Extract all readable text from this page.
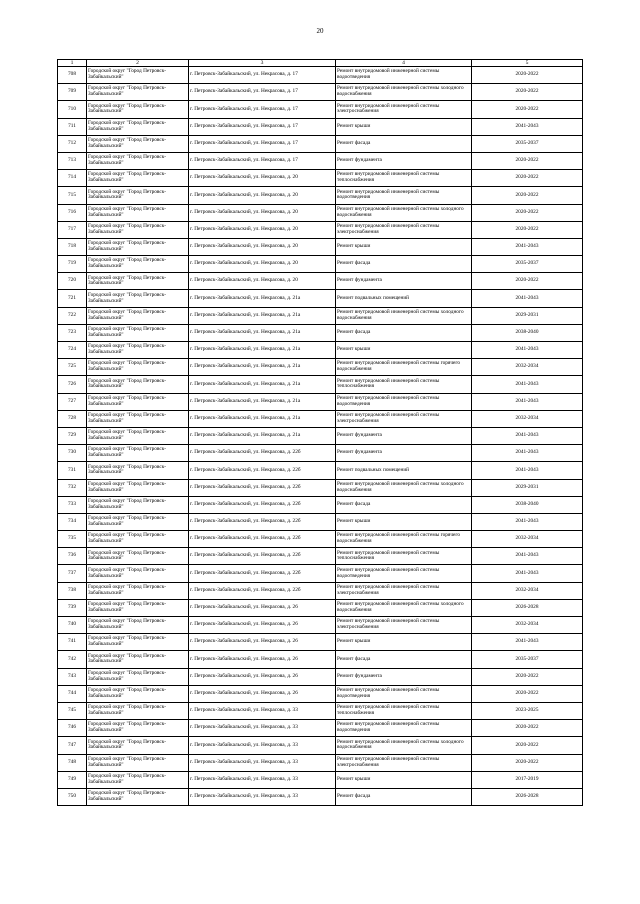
20
1	2	3	4	5
708	Городской округ "Город Петровск-Забайкальский"	г. Петровск-Забайкальский, ул. Некрасова, д. 17	Ремонт внутридомовой инженерной системы водоотведения	2020-2022
709	Городской округ "Город Петровск-Забайкальский"	г. Петровск-Забайкальский, ул. Некрасова, д. 17	Ремонт внутридомовой инженерной системы холодного водоснабжения	2020-2022
710	Городской округ "Город Петровск-Забайкальский"	г. Петровск-Забайкальский, ул. Некрасова, д. 17	Ремонт внутридомовой инженерной системы электроснабжения	2020-2022
711	Городской округ "Город Петровск-Забайкальский"	г. Петровск-Забайкальский, ул. Некрасова, д. 17	Ремонт крыши	2041-2043
712	Городской округ "Город Петровск-Забайкальский"	г. Петровск-Забайкальский, ул. Некрасова, д. 17	Ремонт фасада	2035-2037
713	Городской округ "Город Петровск-Забайкальский"	г. Петровск-Забайкальский, ул. Некрасова, д. 17	Ремонт фундамента	2020-2022
714	Городской округ "Город Петровск-Забайкальский"	г. Петровск-Забайкальский, ул. Некрасова, д. 20	Ремонт внутридомовой инженерной системы теплоснабжения	2020-2022
715	Городской округ "Город Петровск-Забайкальский"	г. Петровск-Забайкальский, ул. Некрасова, д. 20	Ремонт внутридомовой инженерной системы водоотведения	2020-2022
716	Городской округ "Город Петровск-Забайкальский"	г. Петровск-Забайкальский, ул. Некрасова, д. 20	Ремонт внутридомовой инженерной системы холодного водоснабжения	2020-2022
717	Городской округ "Город Петровск-Забайкальский"	г. Петровск-Забайкальский, ул. Некрасова, д. 20	Ремонт внутридомовой инженерной системы электроснабжения	2020-2022
718	Городской округ "Город Петровск-Забайкальский"	г. Петровск-Забайкальский, ул. Некрасова, д. 20	Ремонт крыши	2041-2043
719	Городской округ "Город Петровск-Забайкальский"	г. Петровск-Забайкальский, ул. Некрасова, д. 20	Ремонт фасада	2035-2037
720	Городской округ "Город Петровск-Забайкальский"	г. Петровск-Забайкальский, ул. Некрасова, д. 20	Ремонт фундамента	2020-2022
721	Городской округ "Город Петровск-Забайкальский"	г. Петровск-Забайкальский, ул. Некрасова, д. 21а	Ремонт подвальных помещений	2041-2043
722	Городской округ "Город Петровск-Забайкальский"	г. Петровск-Забайкальский, ул. Некрасова, д. 21а	Ремонт внутридомовой инженерной системы холодного водоснабжения	2029-2031
723	Городской округ "Город Петровск-Забайкальский"	г. Петровск-Забайкальский, ул. Некрасова, д. 21а	Ремонт фасада	2038-2040
724	Городской округ "Город Петровск-Забайкальский"	г. Петровск-Забайкальский, ул. Некрасова, д. 21а	Ремонт крыши	2041-2043
725	Городской округ "Город Петровск-Забайкальский"	г. Петровск-Забайкальский, ул. Некрасова, д. 21а	Ремонт внутридомовой инженерной системы горячего водоснабжения	2032-2034
726	Городской округ "Город Петровск-Забайкальский"	г. Петровск-Забайкальский, ул. Некрасова, д. 21а	Ремонт внутридомовой инженерной системы теплоснабжения	2041-2043
727	Городской округ "Город Петровск-Забайкальский"	г. Петровск-Забайкальский, ул. Некрасова, д. 21а	Ремонт внутридомовой инженерной системы водоотведения	2041-2043
728	Городской округ "Город Петровск-Забайкальский"	г. Петровск-Забайкальский, ул. Некрасова, д. 21а	Ремонт внутридомовой инженерной системы электроснабжения	2032-2034
729	Городской округ "Город Петровск-Забайкальский"	г. Петровск-Забайкальский, ул. Некрасова, д. 21а	Ремонт фундамента	2041-2043
730	Городской округ "Город Петровск-Забайкальский"	г. Петровск-Забайкальский, ул. Некрасова, д. 22б	Ремонт фундамента	2041-2043
731	Городской округ "Город Петровск-Забайкальский"	г. Петровск-Забайкальский, ул. Некрасова, д. 22б	Ремонт подвальных помещений	2041-2043
732	Городской округ "Город Петровск-Забайкальский"	г. Петровск-Забайкальский, ул. Некрасова, д. 22б	Ремонт внутридомовой инженерной системы холодного водоснабжения	2029-2031
733	Городской округ "Город Петровск-Забайкальский"	г. Петровск-Забайкальский, ул. Некрасова, д. 22б	Ремонт фасада	2038-2040
734	Городской округ "Город Петровск-Забайкальский"	г. Петровск-Забайкальский, ул. Некрасова, д. 22б	Ремонт крыши	2041-2043
735	Городской округ "Город Петровск-Забайкальский"	г. Петровск-Забайкальский, ул. Некрасова, д. 22б	Ремонт внутридомовой инженерной системы горячего водоснабжения	2032-2034
736	Городской округ "Город Петровск-Забайкальский"	г. Петровск-Забайкальский, ул. Некрасова, д. 22б	Ремонт внутридомовой инженерной системы теплоснабжения	2041-2043
737	Городской округ "Город Петровск-Забайкальский"	г. Петровск-Забайкальский, ул. Некрасова, д. 22б	Ремонт внутридомовой инженерной системы водоотведения	2041-2043
738	Городской округ "Город Петровск-Забайкальский"	г. Петровск-Забайкальский, ул. Некрасова, д. 22б	Ремонт внутридомовой инженерной системы электроснабжения	2032-2034
739	Городской округ "Город Петровск-Забайкальский"	г. Петровск-Забайкальский, ул. Некрасова, д. 26	Ремонт внутридомовой инженерной системы холодного водоснабжения	2026-2028
740	Городской округ "Город Петровск-Забайкальский"	г. Петровск-Забайкальский, ул. Некрасова, д. 26	Ремонт внутридомовой инженерной системы электроснабжения	2032-2034
741	Городской округ "Город Петровск-Забайкальский"	г. Петровск-Забайкальский, ул. Некрасова, д. 26	Ремонт крыши	2041-2043
742	Городской округ "Город Петровск-Забайкальский"	г. Петровск-Забайкальский, ул. Некрасова, д. 26	Ремонт фасада	2035-2037
743	Городской округ "Город Петровск-Забайкальский"	г. Петровск-Забайкальский, ул. Некрасова, д. 26	Ремонт фундамента	2020-2022
744	Городской округ "Город Петровск-Забайкальский"	г. Петровск-Забайкальский, ул. Некрасова, д. 26	Ремонт внутридомовой инженерной системы водоотведения	2020-2022
745	Городской округ "Город Петровск-Забайкальский"	г. Петровск-Забайкальский, ул. Некрасова, д. 33	Ремонт внутридомовой инженерной системы теплоснабжения	2023-2025
746	Городской округ "Город Петровск-Забайкальский"	г. Петровск-Забайкальский, ул. Некрасова, д. 33	Ремонт внутридомовой инженерной системы водоотведения	2020-2022
747	Городской округ "Город Петровск-Забайкальский"	г. Петровск-Забайкальский, ул. Некрасова, д. 33	Ремонт внутридомовой инженерной системы холодного водоснабжения	2020-2022
748	Городской округ "Город Петровск-Забайкальский"	г. Петровск-Забайкальский, ул. Некрасова, д. 33	Ремонт внутридомовой инженерной системы электроснабжения	2020-2022
749	Городской округ "Город Петровск-Забайкальский"	г. Петровск-Забайкальский, ул. Некрасова, д. 33	Ремонт крыши	2017-2019
750	Городской округ "Город Петровск-Забайкальский"	г. Петровск-Забайкальский, ул. Некрасова, д. 33	Ремонт фасада	2026-2028
